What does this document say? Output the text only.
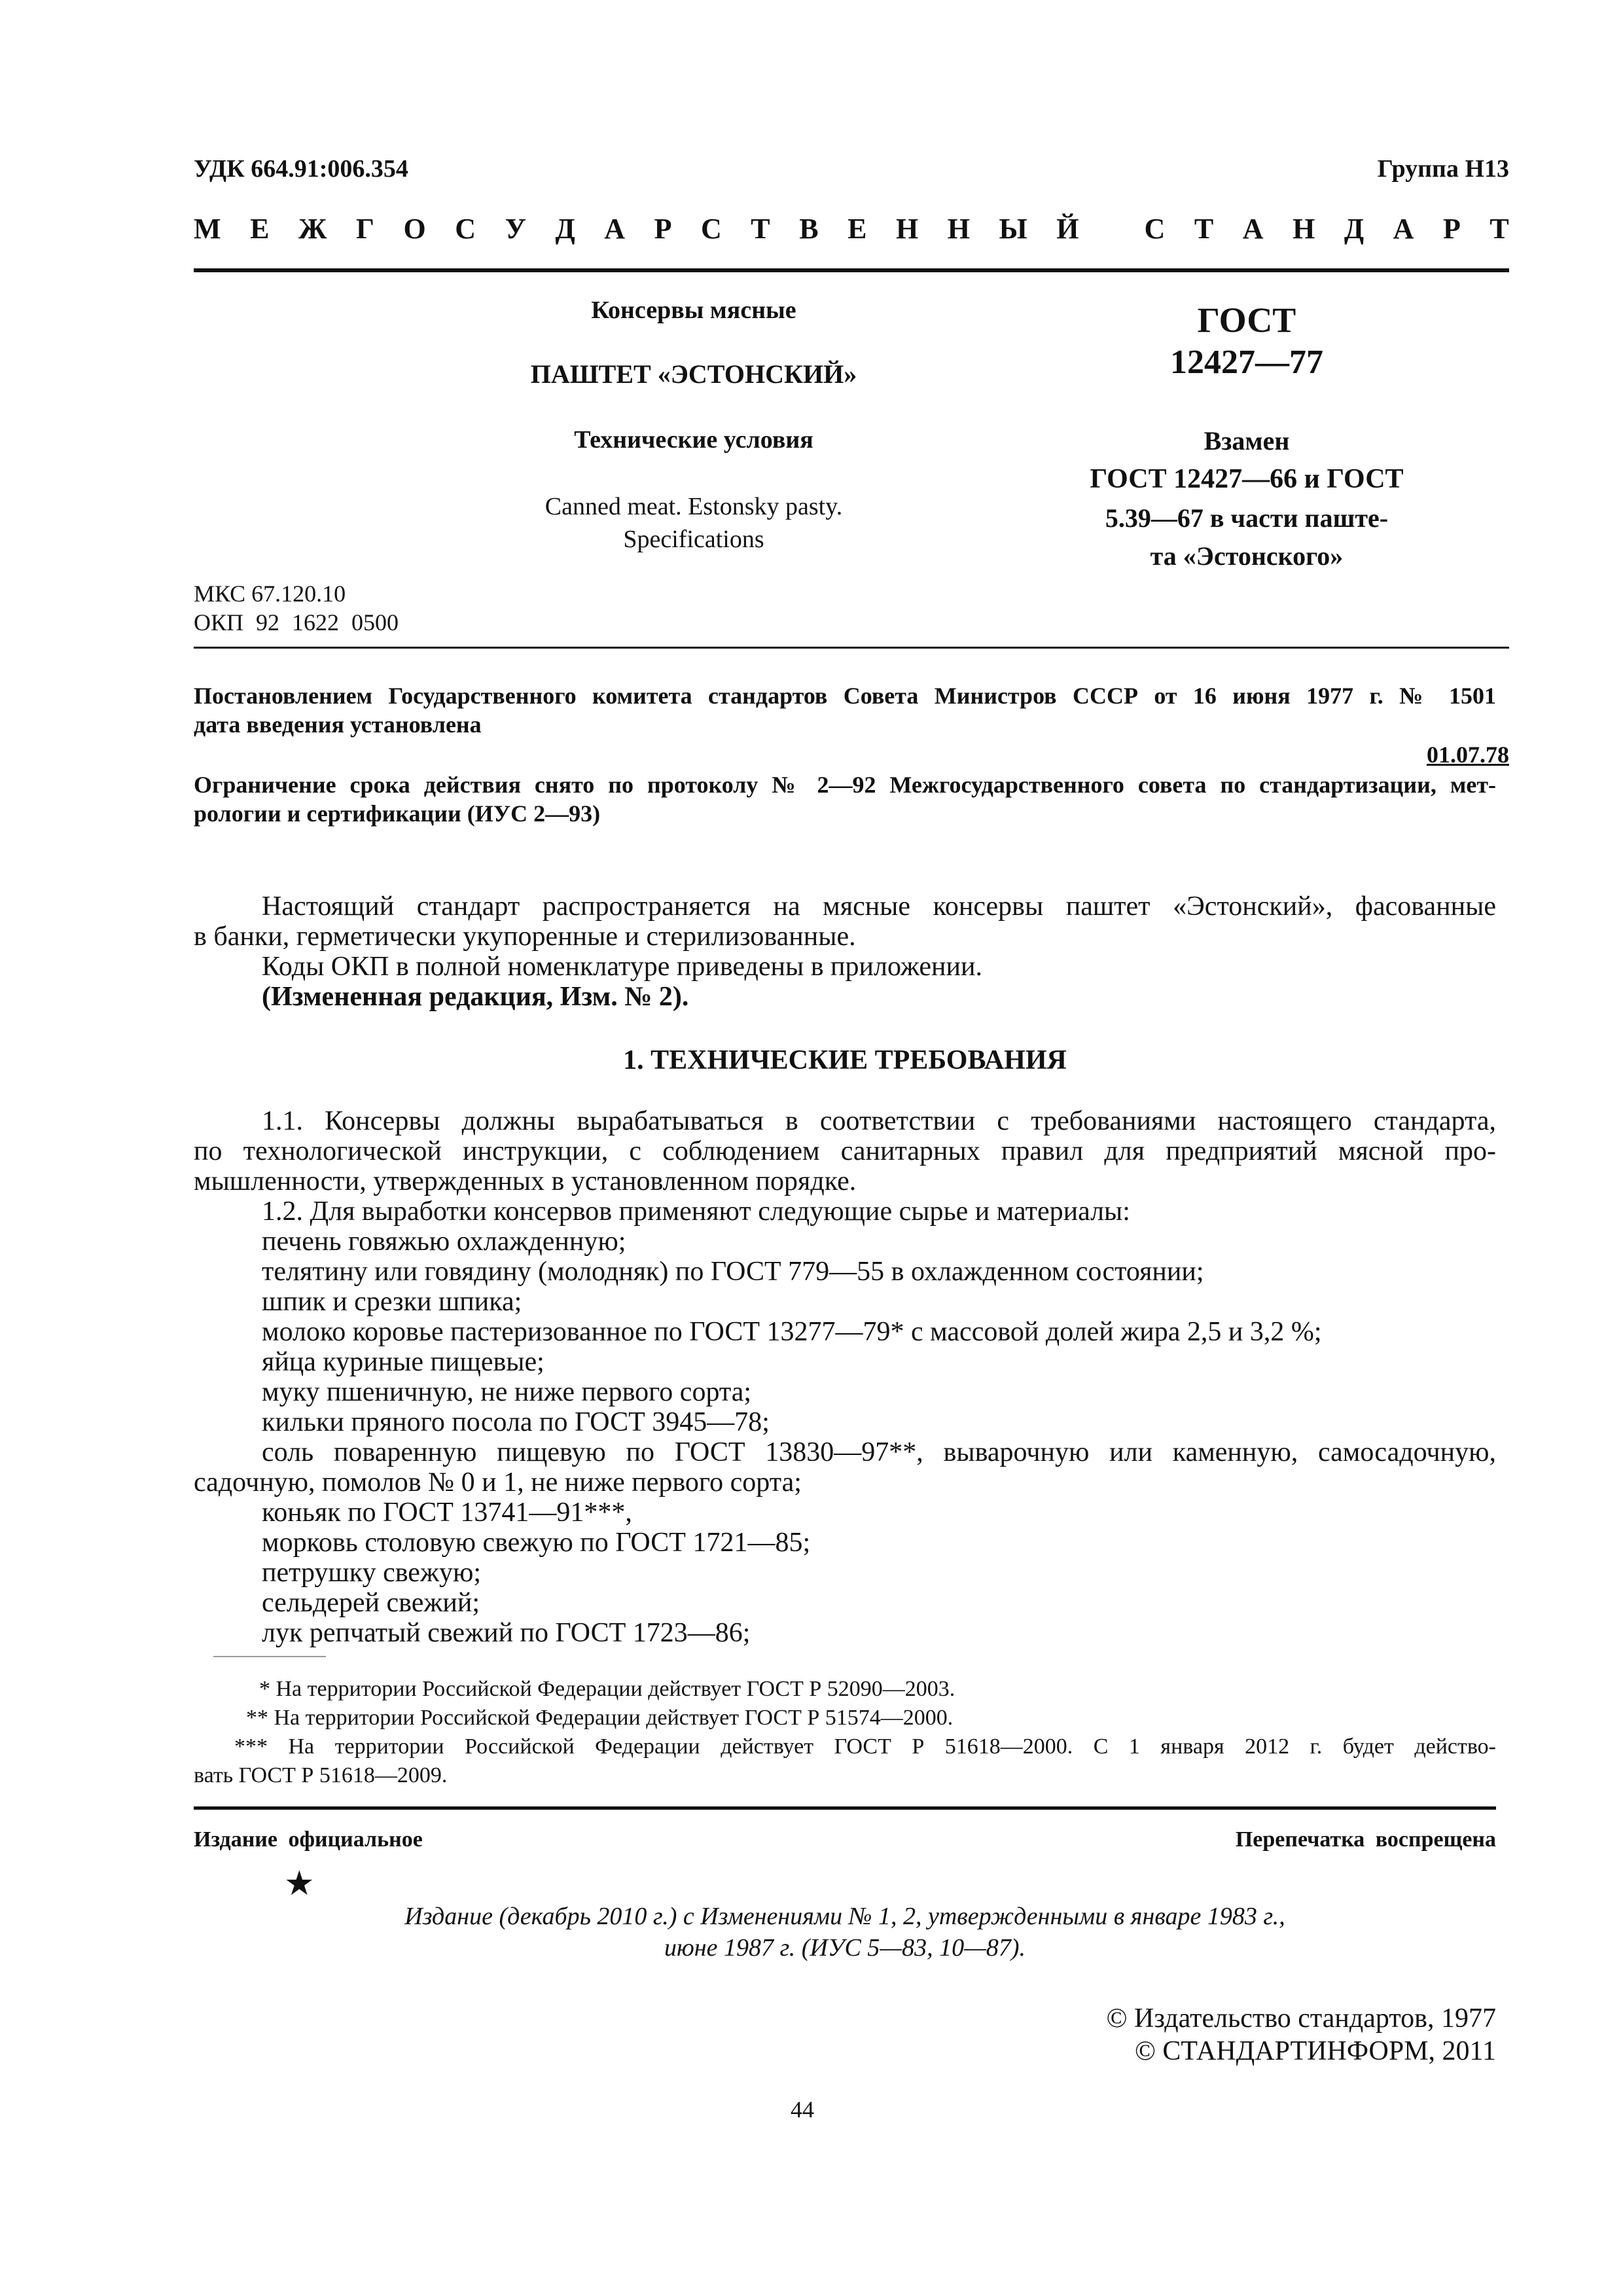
УДК 664.91:006.354	Группа Н13
М Е Ж Г О С У Д А Р С Т В Е Н Н Ы Й
С Т А Н Д А Р Т
Консервы мясные
ПАШТЕТ «ЭСТОНСКИЙ»
Технические условия
Canned meat. Estonsky pasty.
Specifications
ГОСТ
12427—77
Взамен
ГОСТ 12427—66 и ГОСТ
5.39—67 в части паште-
та «Эстонского»
МКС 67.120.10
ОКП 92 1622 0500
Постановлением Государственного комитета стандартов Совета Министров СССР от 16 июня 1977 г. № 1501
дата введения установлена
01.07.78
Ограничение срока действия снято по протоколу № 2—92 Межгосударственного совета по стандартизации, мет-
рологии и сертификации (ИУС 2—93)
Настоящий стандарт распространяется на мясные консервы паштет «Эстонский», фасованные
в банки, герметически укупоренные и стерилизованные.
Коды ОКП в полной номенклатуре приведены в приложении.
(Измененная редакция, Изм. № 2).
1. ТЕХНИЧЕСКИЕ ТРЕБОВАНИЯ
1.1. Консервы должны вырабатываться в соответствии с требованиями настоящего стандарта,
по технологической инструкции, с соблюдением санитарных правил для предприятий мясной про-
мышленности, утвержденных в установленном порядке.
1.2. Для выработки консервов применяют следующие сырье и материалы:
печень говяжью охлажденную;
телятину или говядину (молодняк) по ГОСТ 779—55 в охлажденном состоянии;
шпик и срезки шпика;
молоко коровье пастеризованное по ГОСТ 13277—79* с массовой долей жира 2,5 и 3,2 %;
яйца куриные пищевые;
муку пшеничную, не ниже первого сорта;
кильки пряного посола по ГОСТ 3945—78;
соль поваренную пищевую по ГОСТ 13830—97**, выварочную или каменную, самосадочную,
садочную, помолов № 0 и 1, не ниже первого сорта;
коньяк по ГОСТ 13741—91***,
морковь столовую свежую по ГОСТ 1721—85;
петрушку свежую;
сельдерей свежий;
лук репчатый свежий по ГОСТ 1723—86;
* На территории Российской Федерации действует ГОСТ Р 52090—2003.
** На территории Российской Федерации действует ГОСТ Р 51574—2000.
*** На территории Российской Федерации действует ГОСТ Р 51618—2000. С 1 января 2012 г. будет действо-
вать ГОСТ Р 51618—2009.
Издание официальное	Перепечатка воспрещена
★
Издание (декабрь 2010 г.) с Изменениями № 1, 2, утвержденными в январе 1983 г.,
июне 1987 г. (ИУС 5—83, 10—87).
© Издательство стандартов, 1977
© СТАНДАРТИНФОРМ, 2011
44
